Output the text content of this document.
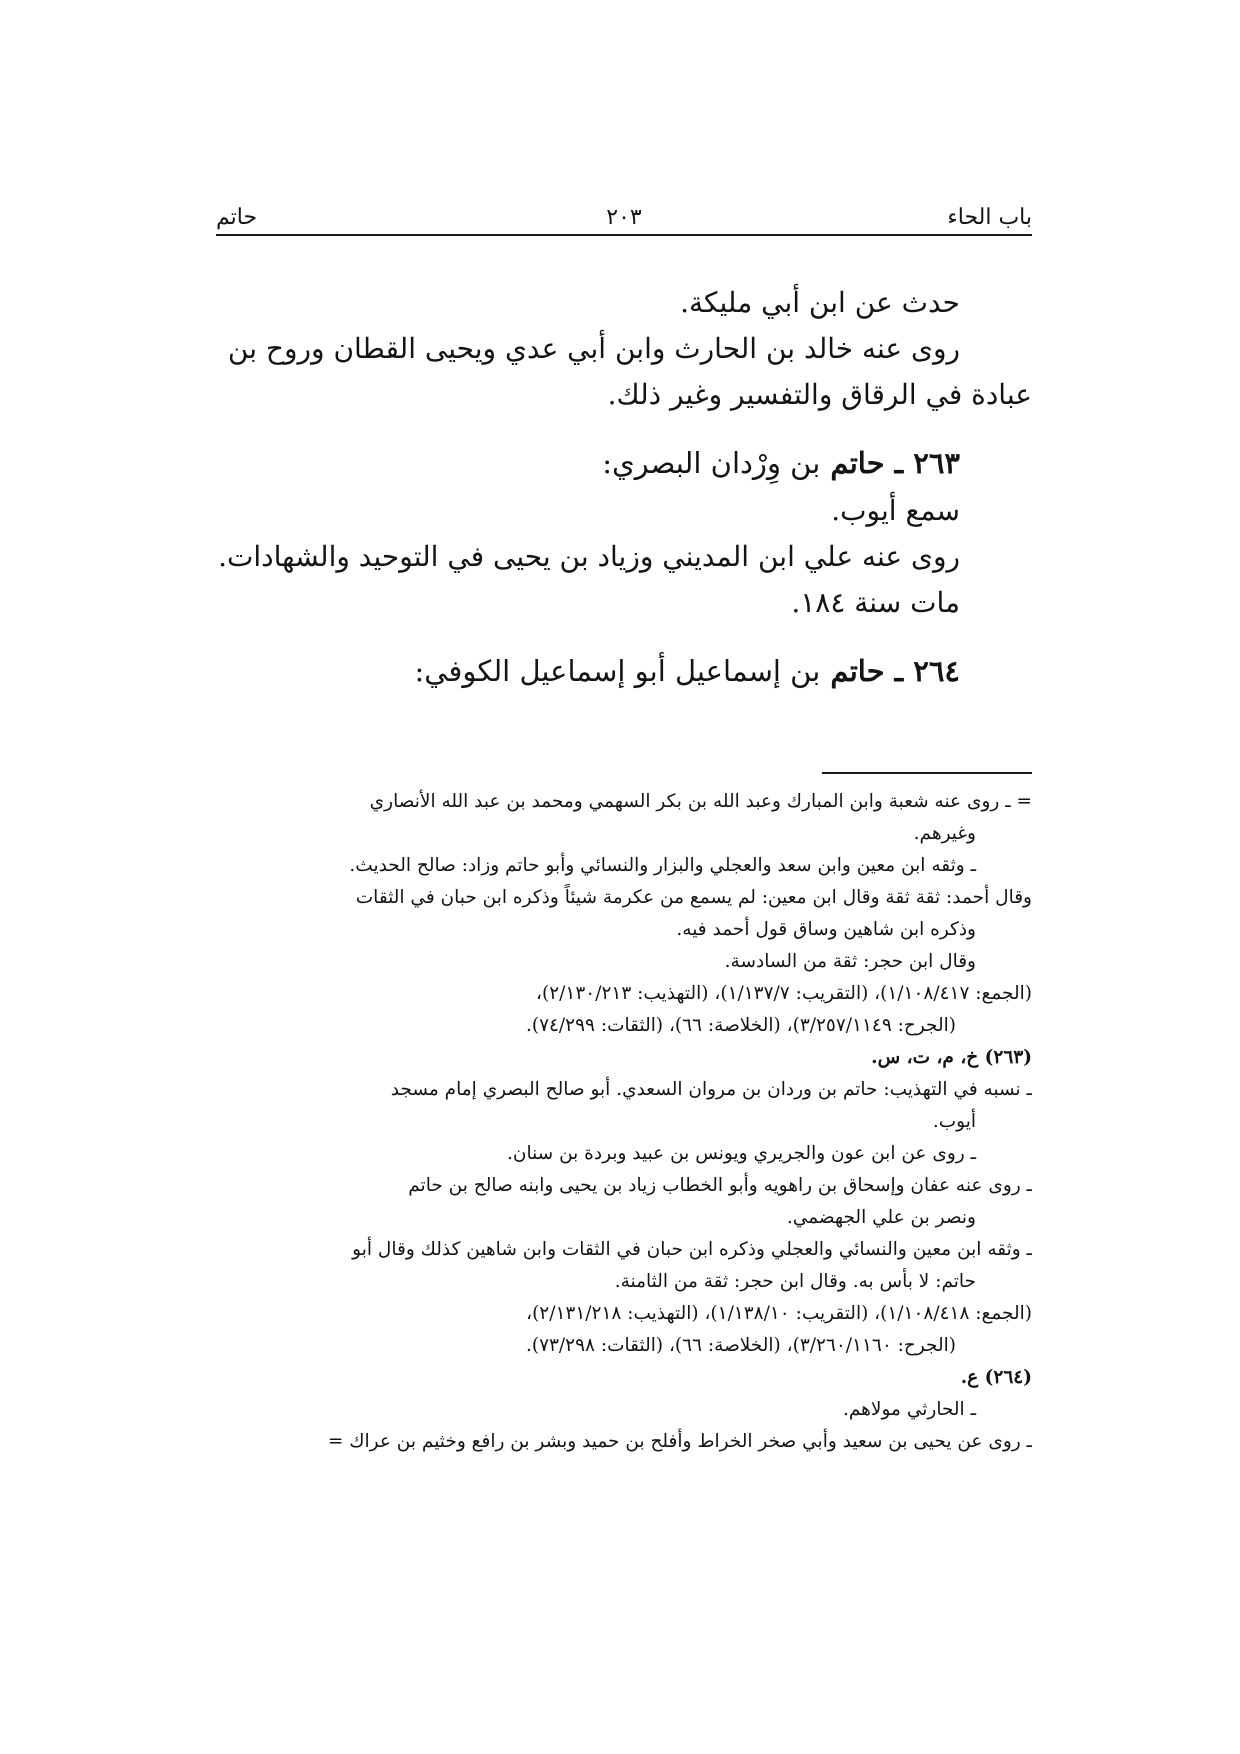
باب الحاء
٢٠٣
حاتم
حدث عن ابن أبي مليكة.
روى عنه خالد بن الحارث وابن أبي عدي ويحيى القطان وروح بن
عبادة في الرقاق والتفسير وغير ذلك.
٢٦٣ ـ حاتم بن وِرْدان البصري:
سمع أيوب.
روى عنه علي ابن المديني وزياد بن يحيى في التوحيد والشهادات.
مات سنة ١٨٤.
٢٦٤ ـ حاتم بن إسماعيل أبو إسماعيل الكوفي:
= ـ روى عنه شعبة وابن المبارك وعبد الله بن بكر السهمي ومحمد بن عبد الله الأنصاري
وغيرهم.
ـ وثقه ابن معين وابن سعد والعجلي والبزار والنسائي وأبو حاتم وزاد: صالح الحديث.
وقال أحمد: ثقة ثقة وقال ابن معين: لم يسمع من عكرمة شيئاً وذكره ابن حبان في الثقات
وذكره ابن شاهين وساق قول أحمد فيه.
وقال ابن حجر: ثقة من السادسة.
(الجمع: ١/١٠٨/٤١٧)، (التقريب: ١/١٣٧/٧)، (التهذيب: ٢/١٣٠/٢١٣)،
(الجرح: ٣/٢٥٧/١١٤٩)، (الخلاصة: ٦٦)، (الثقات: ٧٤/٢٩٩).
(٢٦٣) خ، م، ت، س.
ـ نسبه في التهذيب: حاتم بن وردان بن مروان السعدي. أبو صالح البصري إمام مسجد
أيوب.
ـ روى عن ابن عون والجريري ويونس بن عبيد وبردة بن سنان.
ـ روى عنه عفان وإسحاق بن راهويه وأبو الخطاب زياد بن يحيى وابنه صالح بن حاتم
ونصر بن علي الجهضمي.
ـ وثقه ابن معين والنسائي والعجلي وذكره ابن حبان في الثقات وابن شاهين كذلك وقال أبو
حاتم: لا بأس به. وقال ابن حجر: ثقة من الثامنة.
(الجمع: ١/١٠٨/٤١٨)، (التقريب: ١/١٣٨/١٠)، (التهذيب: ٢/١٣١/٢١٨)،
(الجرح: ٣/٢٦٠/١١٦٠)، (الخلاصة: ٦٦)، (الثقات: ٧٣/٢٩٨).
(٢٦٤) ع.
ـ الحارثي مولاهم.
ـ روى عن يحيى بن سعيد وأبي صخر الخراط وأفلح بن حميد وبشر بن رافع وخثيم بن عراك =
